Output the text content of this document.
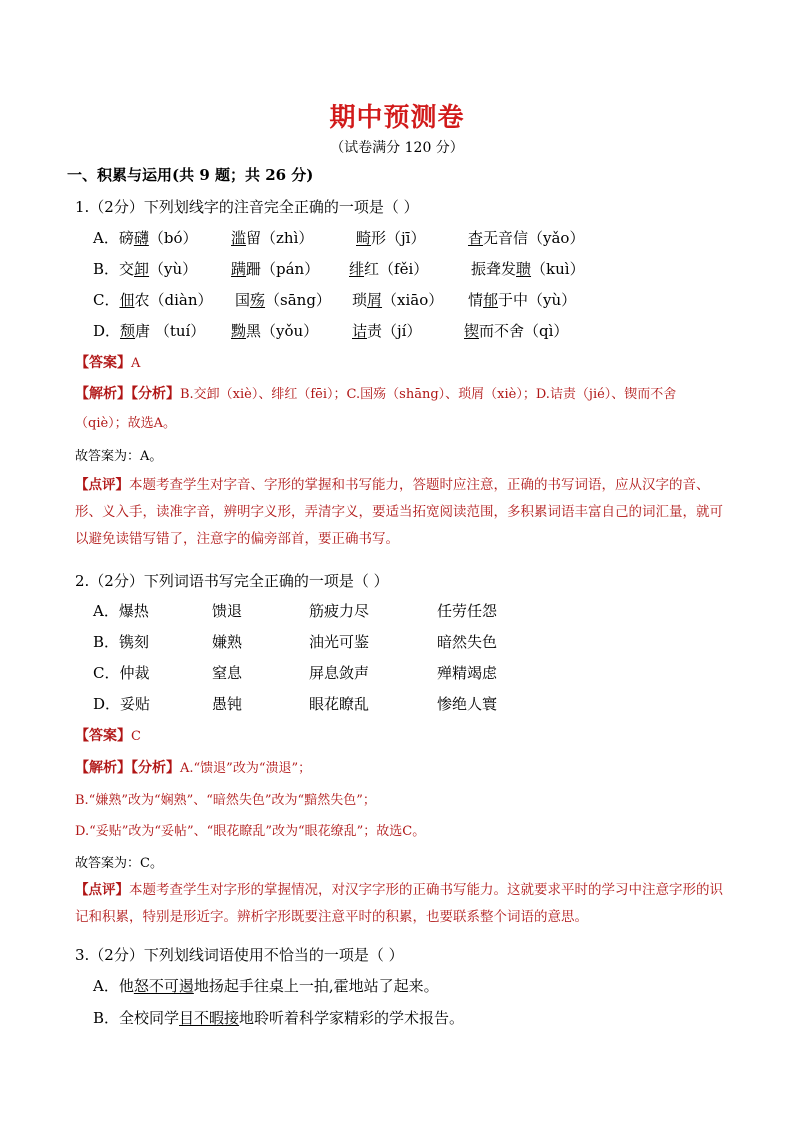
期中预测卷
（试卷满分 120 分）
一、积累与运用(共 9 题；共 26 分)
1.（2分）下列划线字的注音完全正确的一项是（ ）
A．磅礴（bó） 滥留（zhì）	畸形（jī）	杳无音信（yǎo）
B．交卸（yù） 蹒跚（pán） 绯红（fěi）	振聋发聩（kuì）
C．佃农（diàn） 国殇（sāng） 琐屑（xiāo） 情郁于中（yù）
D．颓唐 （tuí） 黝黑（yǒu） 诘责（jí）	锲而不舍（qì）
【答案】A
【解析】【分析】B.交卸（xiè）、绯红（fēi）；C.国殇（shāng）、琐屑（xiè）；D.诘责（jié）、锲而不舍
（qiè）；故选A。
故答案为：A。
【点评】本题考查学生对字音、字形的掌握和书写能力，答题时应注意，正确的书写词语，应从汉字的音、形、义入手，读准字音，辨明字义形，弄清字义，要适当拓宽阅读范围，多积累词语丰富自己的词汇量，就可以避免读错写错了，注意字的偏旁部首，要正确书写。
2.（2分）下列词语书写完全正确的一项是（ ）
A．爆热	馈退	筋疲力尽	任劳任怨
B．镌刻	嫌熟	油光可鉴	暗然失色
C．仲裁	窒息	屏息敛声	殚精竭虑
D．妥贴	愚钝	眼花瞭乱	惨绝人寰
【答案】C
【解析】【分析】A.“馈退”改为“溃退”；
B.“嫌熟”改为“娴熟”、“暗然失色”改为“黯然失色”；
D.“妥贴”改为“妥帖”、“眼花瞭乱”改为“眼花缭乱”；故选C。
故答案为：C。
【点评】本题考查学生对字形的掌握情况，对汉字字形的正确书写能力。这就要求平时的学习中注意字形的识记和积累，特别是形近字。辨析字形既要注意平时的积累，也要联系整个词语的意思。
3.（2分）下列划线词语使用不恰当的一项是（ ）
A．他怒不可遏地扬起手往桌上一拍,霍地站了起来。
B．全校同学目不暇接地聆听着科学家精彩的学术报告。
